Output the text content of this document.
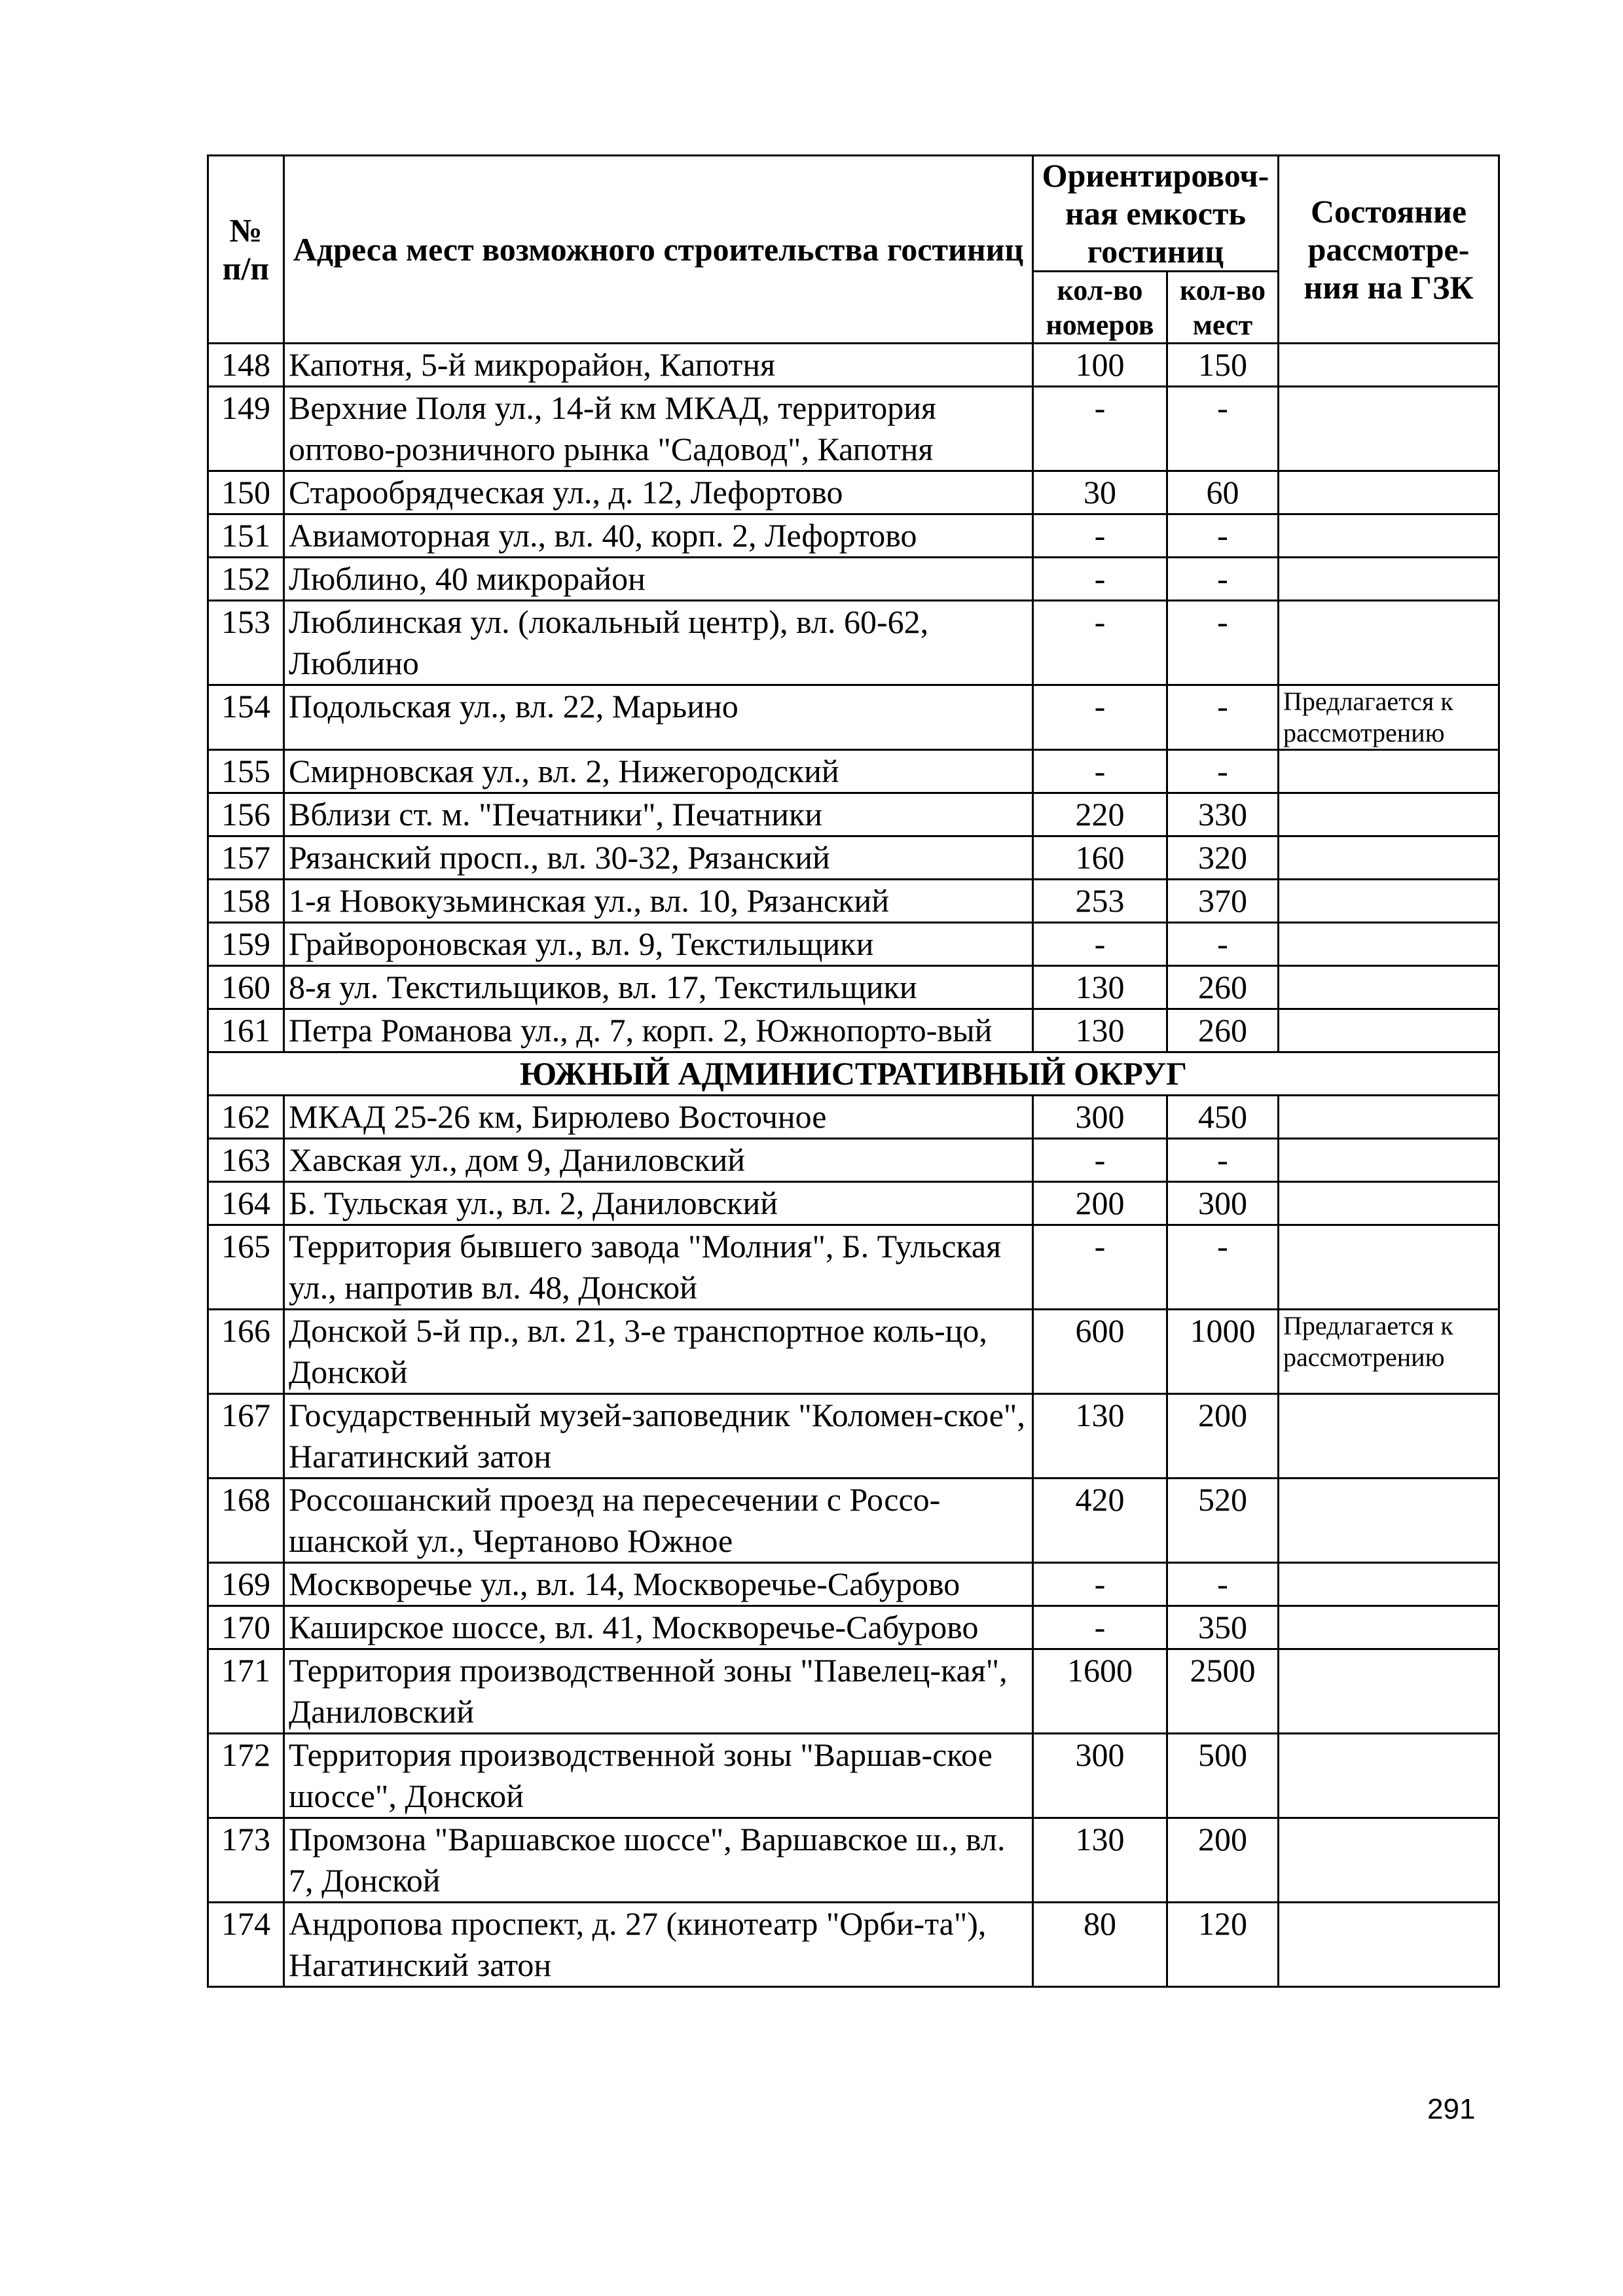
№ п/п	Адреса мест возможного строительства гостиниц	Ориентировоч-ная емкость гостиниц		Состояние рассмотре-ния на ГЗК
		кол-во номеров	кол-во мест	
148	Капотня, 5-й микрорайон, Капотня	100	150	
149	Верхние Поля ул., 14-й км МКАД, территория оптово-розничного рынка "Садовод", Капотня	-	-	
150	Старообрядческая ул., д. 12, Лефортово	30	60	
151	Авиамоторная ул., вл. 40, корп. 2, Лефортово	-	-	
152	Люблино, 40 микрорайон	-	-	
153	Люблинская ул. (локальный центр), вл. 60-62, Люблино	-	-	
154	Подольская ул., вл. 22, Марьино	-	-	Предлагается к рассмотрению
155	Смирновская ул., вл. 2, Нижегородский	-	-	
156	Вблизи ст. м. "Печатники", Печатники	220	330	
157	Рязанский просп., вл. 30-32, Рязанский	160	320	
158	1-я Новокузьминская ул., вл. 10, Рязанский	253	370	
159	Грайвороновская ул., вл. 9, Текстильщики	-	-	
160	8-я ул. Текстильщиков, вл. 17, Текстильщики	130	260	
161	Петра Романова ул., д. 7, корп. 2, Южнопорто-вый	130	260	
ЮЖНЫЙ АДМИНИСТРАТИВНЫЙ ОКРУГ				
162	МКАД 25-26 км, Бирюлево Восточное	300	450	
163	Хавская ул., дом 9, Даниловский	-	-	
164	Б. Тульская ул., вл. 2, Даниловский	200	300	
165	Территория бывшего завода "Молния", Б. Тульская ул., напротив вл. 48, Донской	-	-	
166	Донской 5-й пр., вл. 21, 3-е транспортное коль-цо, Донской	600	1000	Предлагается к рассмотрению
167	Государственный музей-заповедник "Коломен-ское", Нагатинский затон	130	200	
168	Россошанский проезд на пересечении с Россо-шанской ул., Чертаново Южное	420	520	
169	Москворечье ул., вл. 14, Москворечье-Сабурово	-	-	
170	Каширское шоссе, вл. 41, Москворечье-Сабурово	-	350	
171	Территория производственной зоны "Павелец-кая", Даниловский	1600	2500	
172	Территория производственной зоны "Варшав-ское шоссе", Донской	300	500	
173	Промзона "Варшавское шоссе", Варшавское ш., вл. 7, Донской	130	200	
174	Андропова проспект, д. 27 (кинотеатр "Орби-та"), Нагатинский затон	80	120	
291
